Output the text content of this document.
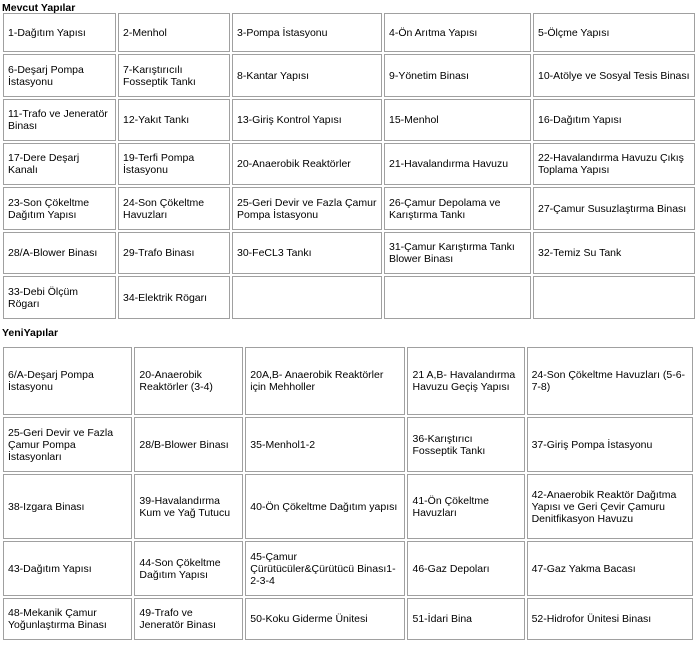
Mevcut Yapılar
1-Dağıtım Yapısı	2-Menhol	3-Pompa İstasyonu	4-Ön Arıtma Yapısı	5-Ölçme Yapısı
6-Deşarj Pompa İstasyonu	7-Karıştırıcılı Fosseptik Tankı	8-Kantar Yapısı	9-Yönetim Binası	10-Atölye ve Sosyal Tesis Binası
11-Trafo ve Jeneratör Binası	12-Yakıt Tankı	13-Giriş Kontrol Yapısı	15-Menhol	16-Dağıtım Yapısı
17-Dere Deşarj Kanalı	19-Terfi Pompa İstasyonu	20-Anaerobik Reaktörler	21-Havalandırma Havuzu	22-Havalandırma Havuzu Çıkış Toplama Yapısı
23-Son Çökeltme Dağıtım Yapısı	24-Son Çökeltme Havuzları	25-Geri Devir ve Fazla Çamur Pompa İstasyonu	26-Çamur Depolama ve Karıştırma Tankı	27-Çamur Susuzlaştırma Binası
28/A-Blower Binası	29-Trafo Binası	30-FeCL3 Tankı	31-Çamur Karıştırma Tankı Blower Binası	32-Temiz Su Tank
33-Debi Ölçüm Rögarı	34-Elektrik Rögarı			
YeniYapılar
6/A-Deşarj Pompa İstasyonu	20-Anaerobik Reaktörler (3-4)	20A,B- Anaerobik Reaktörler için Mehholler	21 A,B- Havalandırma Havuzu Geçiş Yapısı	24-Son Çökeltme Havuzları (5-6-7-8)
25-Geri Devir ve Fazla Çamur Pompa İstasyonları	28/B-Blower Binası	35-Menhol1-2	36-Karıştırıcı Fosseptik Tankı	37-Giriş Pompa İstasyonu
38-Izgara Binası	39-Havalandırma Kum ve Yağ Tutucu	40-Ön Çökeltme Dağıtım yapısı	41-Ön Çökeltme Havuzları	42-Anaerobik Reaktör Dağıtma Yapısı ve Geri Çevir Çamuru Denitfikasyon Havuzu
43-Dağıtım Yapısı	44-Son Çökeltme Dağıtım Yapısı	45-Çamur Çürütücüler&Çürütücü Binası1-2-3-4	46-Gaz Depoları	47-Gaz Yakma Bacası
48-Mekanik Çamur Yoğunlaştırma Binası	49-Trafo ve Jeneratör Binası	50-Koku Giderme Ünitesi	51-İdari Bina	52-Hidrofor Ünitesi Binası
